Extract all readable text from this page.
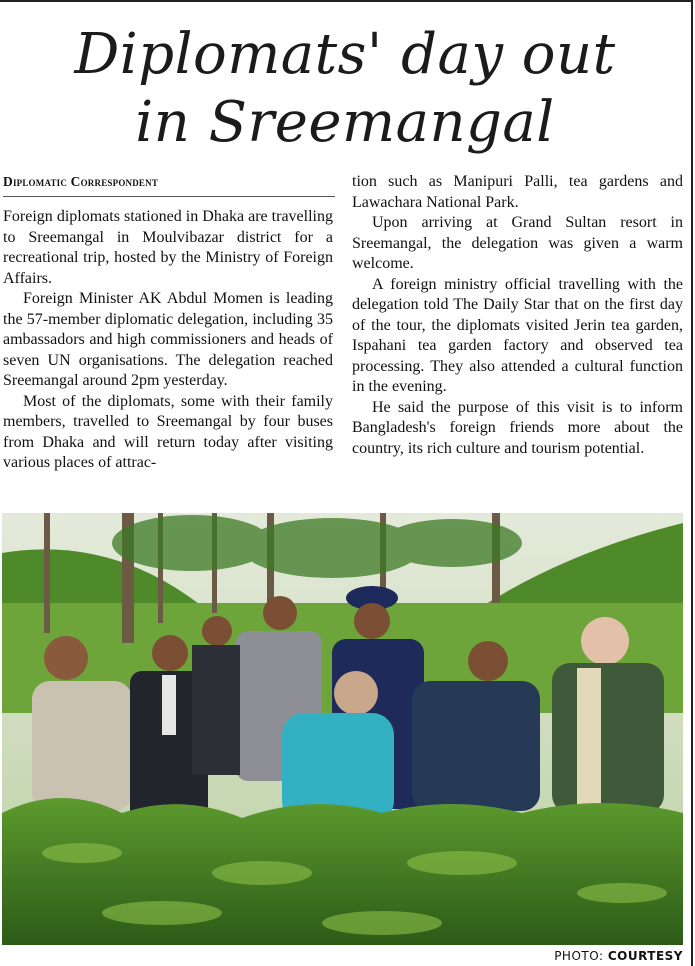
Diplomats' day out
in Sreemangal
Diplomatic Correspondent

Foreign diplomats stationed in Dhaka are travelling to Sreemangal in Moulvibazar district for a recreational trip, hosted by the Ministry of Foreign Affairs.

Foreign Minister AK Abdul Momen is leading the 57-member diplomatic delegation, including 35 ambassadors and high commissioners and heads of seven UN organisations. The delegation reached Sreemangal around 2pm yesterday.

Most of the diplomats, some with their family members, travelled to Sreemangal by four buses from Dhaka and will return today after visiting various places of attrac-

tion such as Manipuri Palli, tea gardens and Lawachara National Park.

Upon arriving at Grand Sultan resort in Sreemangal, the delegation was given a warm welcome.

A foreign ministry official travelling with the delegation told The Daily Star that on the first day of the tour, the diplomats visited Jerin tea garden, Ispahani tea garden factory and observed tea processing. They also attended a cultural function in the evening.

He said the purpose of this visit is to inform Bangladesh's foreign friends more about the country, its rich culture and tourism potential.

PHOTO: COURTESY
